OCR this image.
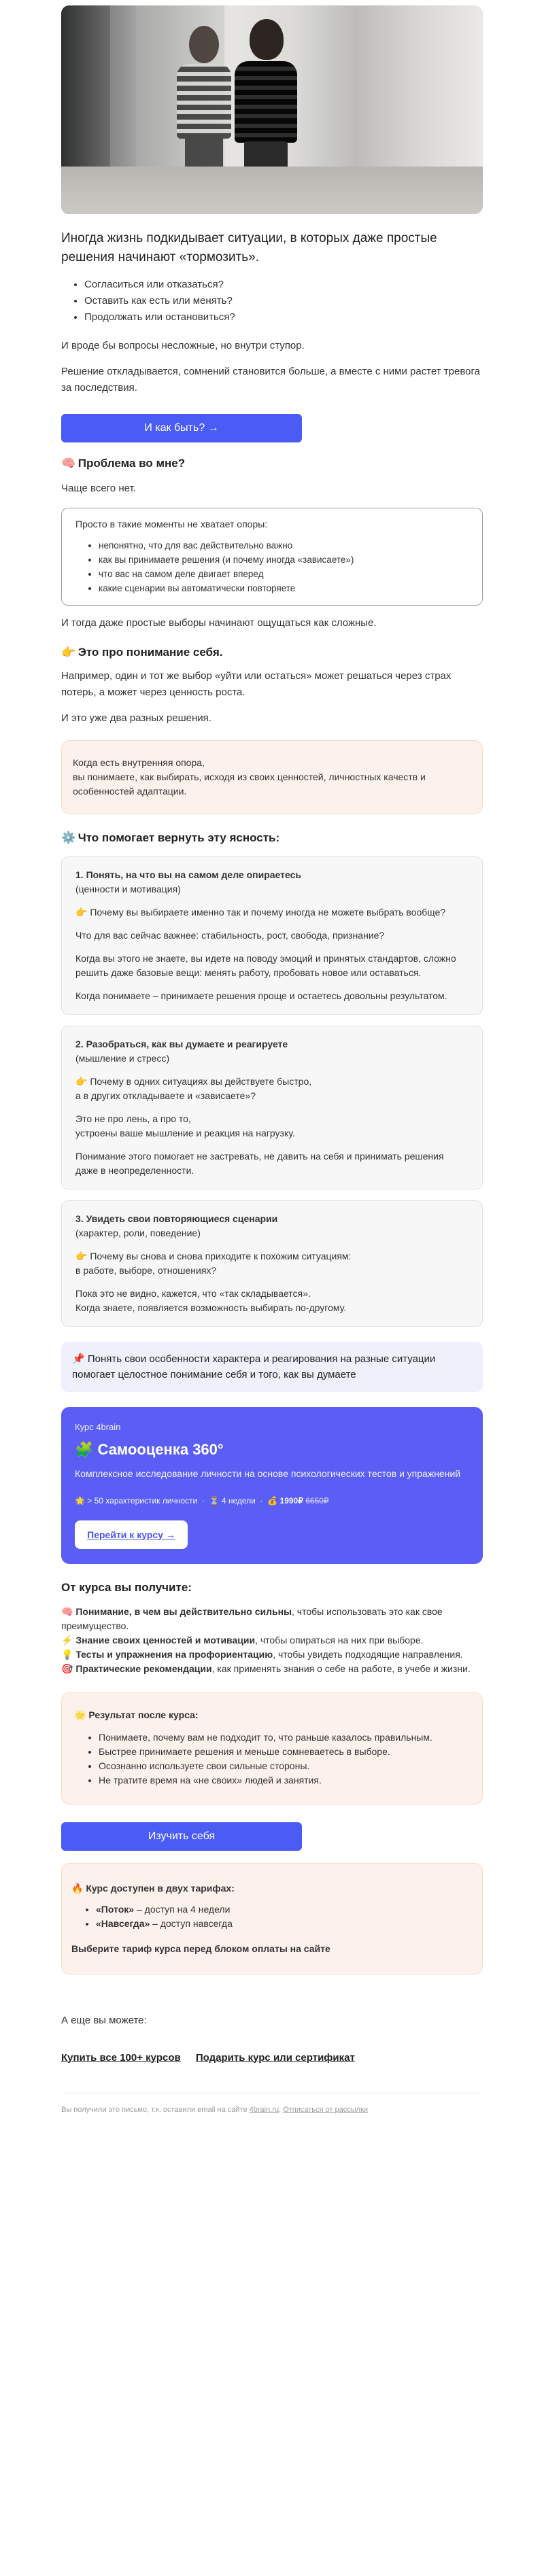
Иногда жизнь подкидывает ситуации, в которых даже простые решения начинают «тормозить».

• Согласиться или отказаться?
• Оставить как есть или менять?
• Продолжать или остановиться?

И вроде бы вопросы несложные, но внутри ступор.

Решение откладывается, сомнений становится больше, а вместе с ними растет тревога за последствия.

И как быть? →
🧠 Проблема во мне?

Чаще всего нет.

Просто в такие моменты не хватает опоры:

• непонятно, что для вас действительно важно
• как вы принимаете решения (и почему иногда «зависаете»)
• что вас на самом деле двигает вперед
• какие сценарии вы автоматически повторяете

И тогда даже простые выборы начинают ощущаться как сложные.

👉 Это про понимание себя.

Например, один и тот же выбор «уйти или остаться» может решаться через страх потерь, а может через ценность роста.

И это уже два разных решения.

Когда есть внутренняя опора,
вы понимаете, как выбирать, исходя из своих ценностей, личностных качеств и особенностей адаптации.
⚙️ Что помогает вернуть эту ясность:
1. Понять, на что вы на самом деле опираетесь
(ценности и мотивация)
👉 Почему вы выбираете именно так и почему иногда не можете выбрать вообще?
Что для вас сейчас важнее: стабильность, рост, свобода, признание?
Когда вы этого не знаете, вы идете на поводу эмоций и принятых стандартов, сложно решить даже базовые вещи: менять работу, пробовать новое или оставаться.
Когда понимаете – принимаете решения проще и остаетесь довольны результатом.
2. Разобраться, как вы думаете и реагируете
(мышление и стресс)
👉 Почему в одних ситуациях вы действуете быстро,
а в других откладываете и «зависаете»?
Это не про лень, а про то,
устроены ваше мышление и реакция на нагрузку.
Понимание этого помогает не застревать, не давить на себя и принимать решения даже в неопределенности.
3. Увидеть свои повторяющиеся сценарии
(характер, роли, поведение)
👉 Почему вы снова и снова приходите к похожим ситуациям:
в работе, выборе, отношениях?
Пока это не видно, кажется, что «так складывается».
Когда знаете, появляется возможность выбирать по-другому.
📌 Понять свои особенности характера и реагирования на разные ситуации помогает целостное понимание себя и того, как вы думаете
Курс 4brain
🧩 Самооценка 360°
Комплексное исследование личности на основе психологических тестов и упражнений
🌟 > 50 характеристик личности  ·  ⏳ 4 недели  ·  💰 1990₽ 6650₽
Перейти к курсу →
От курса вы получите:
🧠 Понимание, в чем вы действительно сильны, чтобы использовать это как свое преимущество.
⚡ Знание своих ценностей и мотивации, чтобы опираться на них при выборе.
💡 Тесты и упражнения на профориентацию, чтобы увидеть подходящие направления.
🎯 Практические рекомендации, как применять знания о себе на работе, в учебе и жизни.
🌟 Результат после курса:
• Понимаете, почему вам не подходит то, что раньше казалось правильным.
• Быстрее принимаете решения и меньше сомневаетесь в выборе.
• Осознанно используете свои сильные стороны.
• Не тратите время на «не своих» людей и занятия.
Изучить себя
🔥 Курс доступен в двух тарифах:
• «Поток» – доступ на 4 недели
• «Навсегда» – доступ навсегда
Выберите тариф курса перед блоком оплаты на сайте

А еще вы можете:

Купить все 100+ курсов Подарить курс или сертификат
Вы получили это письмо, т.к. оставили email на сайте 4brain.ru. Отписаться от рассылки
